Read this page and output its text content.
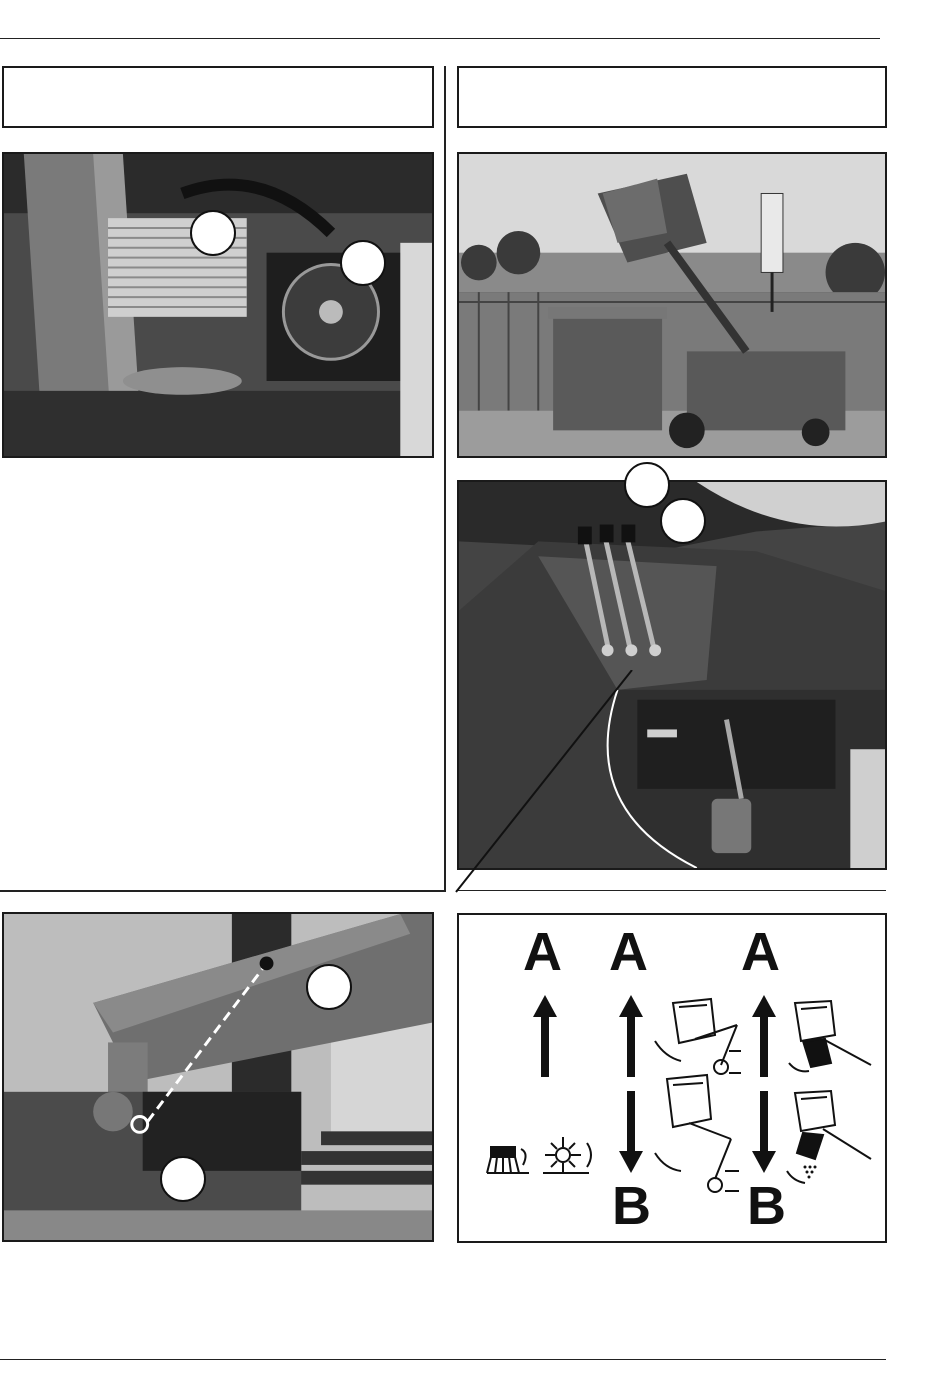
A A A
B B
